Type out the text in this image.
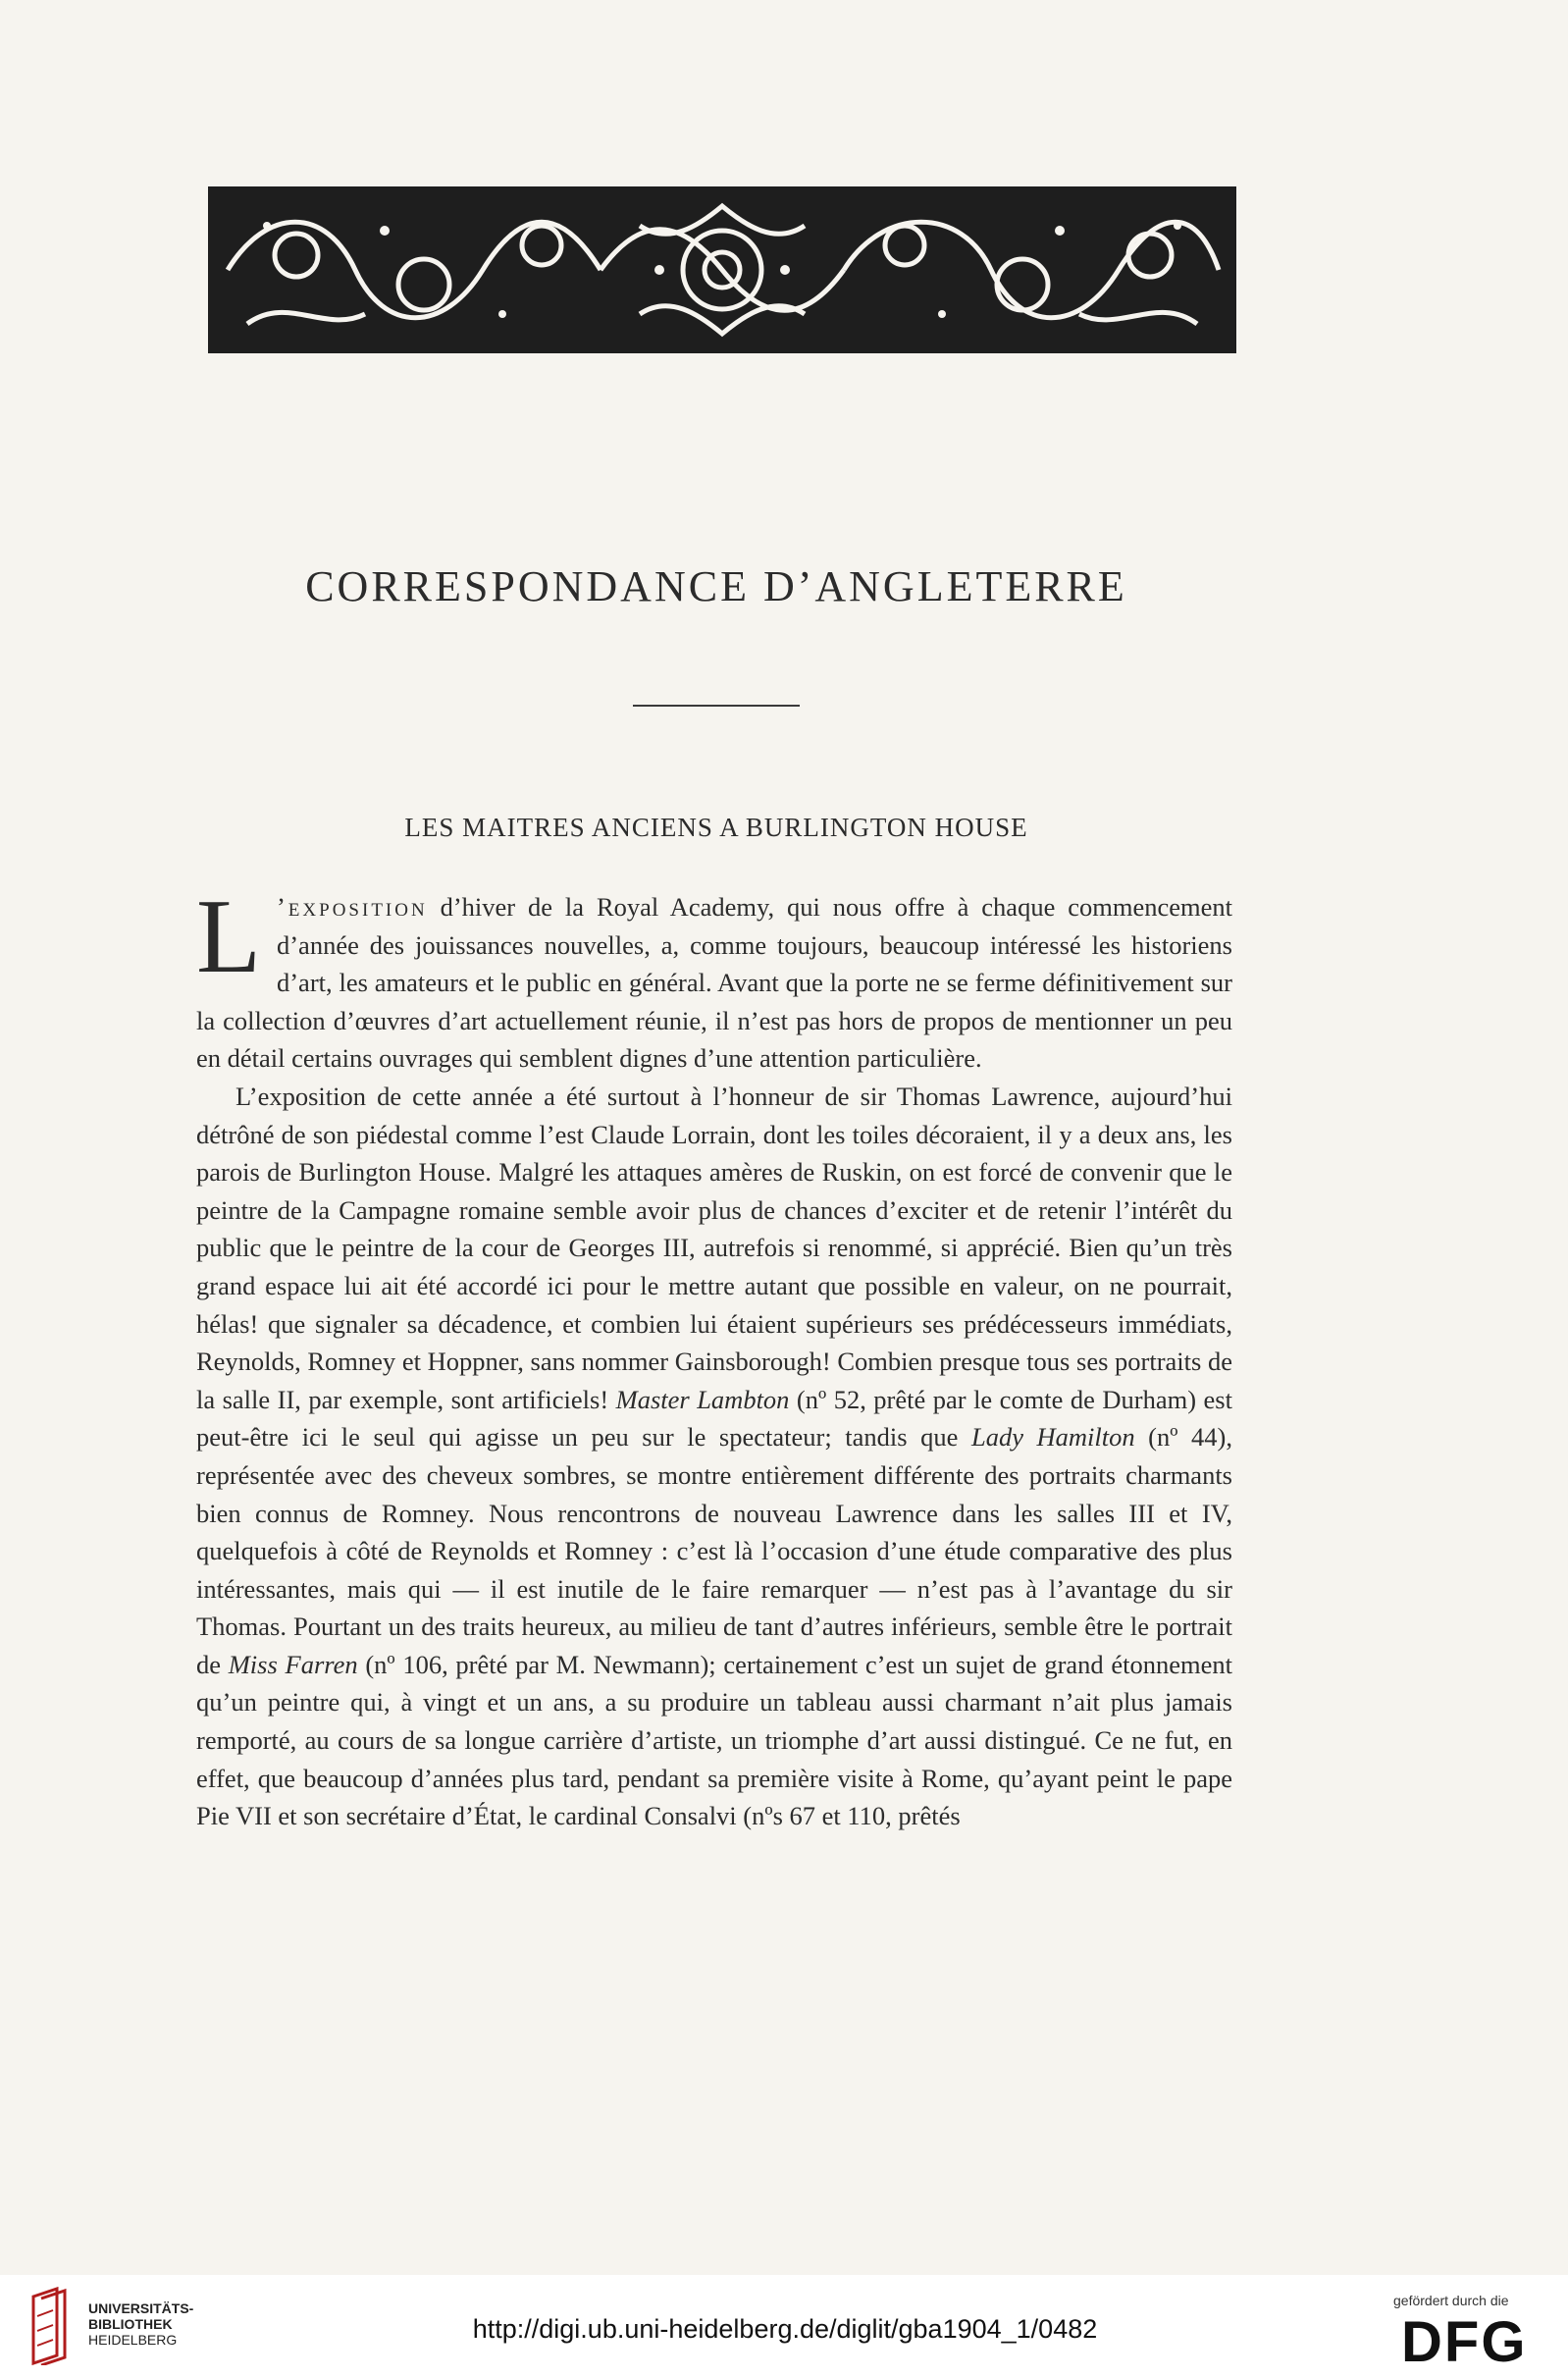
CORRESPONDANCE D’ANGLETERRE
LES MAITRES ANCIENS A BURLINGTON HOUSE

L ’exposition d’hiver de la Royal Academy, qui nous offre à chaque commencement d’année des jouissances nouvelles, a, comme toujours, beaucoup intéressé les historiens d’art, les amateurs et le public en général. Avant que la porte ne se ferme définitivement sur la collection d’œuvres d’art actuellement réunie, il n’est pas hors de propos de mentionner un peu en détail certains ouvrages qui semblent dignes d’une attention particulière.

L’exposition de cette année a été surtout à l’honneur de sir Thomas Lawrence, aujourd’hui détrôné de son piédestal comme l’est Claude Lorrain, dont les toiles décoraient, il y a deux ans, les parois de Burlington House. Malgré les attaques amères de Ruskin, on est forcé de convenir que le peintre de la Campagne romaine semble avoir plus de chances d’exciter et de retenir l’intérêt du public que le peintre de la cour de Georges III, autrefois si renommé, si apprécié. Bien qu’un très grand espace lui ait été accordé ici pour le mettre autant que possible en valeur, on ne pourrait, hélas! que signaler sa décadence, et combien lui étaient supérieurs ses prédécesseurs immédiats, Reynolds, Romney et Hoppner, sans nommer Gainsborough! Combien presque tous ses portraits de la salle II, par exemple, sont artificiels! Master Lambton (nº 52, prêté par le comte de Durham) est peut-être ici le seul qui agisse un peu sur le spectateur; tandis que Lady Hamilton (nº 44), représentée avec des cheveux sombres, se montre entièrement différente des portraits charmants bien connus de Romney. Nous rencontrons de nouveau Lawrence dans les salles III et IV, quelquefois à côté de Reynolds et Romney : c’est là l’occasion d’une étude comparative des plus intéressantes, mais qui — il est inutile de le faire remarquer — n’est pas à l’avantage du sir Thomas. Pourtant un des traits heureux, au milieu de tant d’autres inférieurs, semble être le portrait de Miss Farren (nº 106, prêté par M. Newmann); certainement c’est un sujet de grand étonnement qu’un peintre qui, à vingt et un ans, a su produire un tableau aussi charmant n’ait plus jamais remporté, au cours de sa longue carrière d’artiste, un triomphe d’art aussi distingué. Ce ne fut, en effet, que beaucoup d’années plus tard, pendant sa première visite à Rome, qu’ayant peint le pape Pie VII et son secrétaire d’État, le cardinal Consalvi (nºs 67 et 110, prêtés

UNIVERSITÄTS-
BIBLIOTHEK
HEIDELBERG	http://digi.ub.uni-heidelberg.de/diglit/gba1904_1/0482
gefördert durch die
DFG
